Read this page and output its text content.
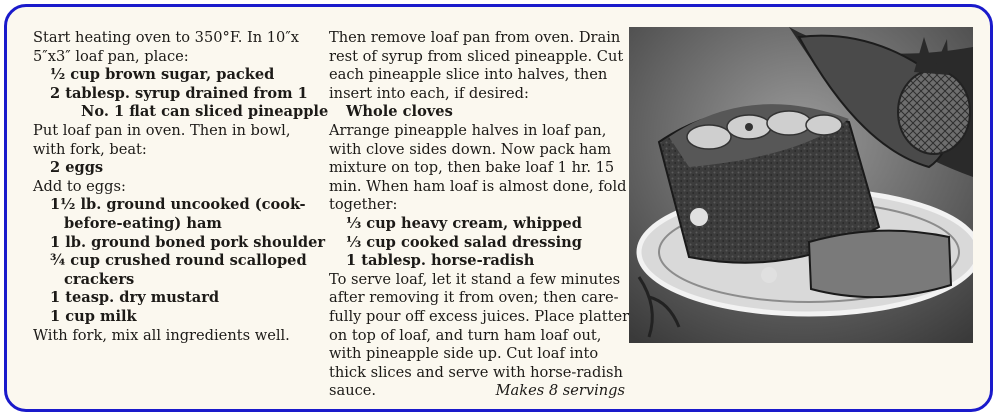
Start heating oven to 350°F. In 10″x
5″x3″ loaf pan, place:
½ cup brown sugar, packed
2 tablesp. syrup drained from 1
No. 1 flat can sliced pineapple
Put loaf pan in oven. Then in bowl,
with fork, beat:
2 eggs
Add to eggs:
1½ lb. ground uncooked (cook-
before-eating) ham
1 lb. ground boned pork shoulder
¾ cup crushed round scalloped
crackers
1 teasp. dry mustard
1 cup milk
With fork, mix all ingredients well.
Then remove loaf pan from oven. Drain
rest of syrup from sliced pineapple. Cut
each pineapple slice into halves, then
insert into each, if desired:
Whole cloves
Arrange pineapple halves in loaf pan,
with clove sides down. Now pack ham
mixture on top, then bake loaf 1 hr. 15
min. When ham loaf is almost done, fold
together:
⅓ cup heavy cream, whipped
⅓ cup cooked salad dressing
1 tablesp. horse-radish
To serve loaf, let it stand a few minutes
after removing it from oven; then care-
fully pour off excess juices. Place platter
on top of loaf, and turn ham loaf out,
with pineapple side up. Cut loaf into
thick slices and serve with horse-radish
sauce.	Makes 8 servings
